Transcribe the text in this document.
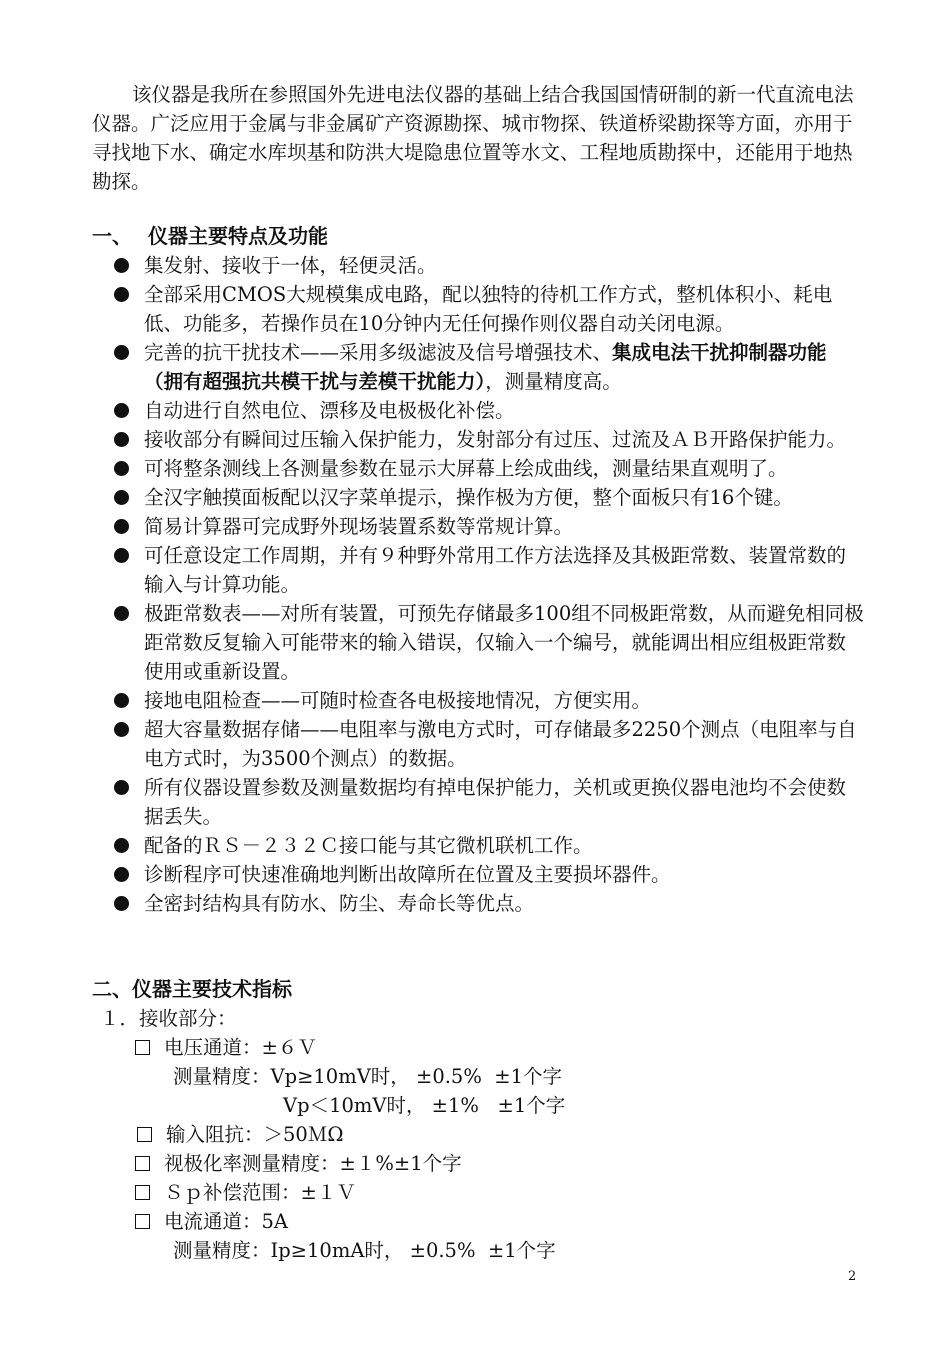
该仪器是我所在参照国外先进电法仪器的基础上结合我国国情研制的新一代直流电法仪器。广泛应用于金属与非金属矿产资源勘探、城市物探、铁道桥梁勘探等方面，亦用于寻找地下水、确定水库坝基和防洪大堤隐患位置等水文、工程地质勘探中，还能用于地热勘探。
一、 仪器主要特点及功能
集发射、接收于一体，轻便灵活。
全部采用CMOS大规模集成电路，配以独特的待机工作方式，整机体积小、耗电低、功能多，若操作员在10分钟内无任何操作则仪器自动关闭电源。
完善的抗干扰技术——采用多级滤波及信号增强技术、集成电法干扰抑制器功能（拥有超强抗共模干扰与差模干扰能力），测量精度高。
自动进行自然电位、漂移及电极极化补偿。
接收部分有瞬间过压输入保护能力，发射部分有过压、过流及ＡＢ开路保护能力。
可将整条测线上各测量参数在显示大屏幕上绘成曲线，测量结果直观明了。
全汉字触摸面板配以汉字菜单提示，操作极为方便，整个面板只有16个键。
简易计算器可完成野外现场装置系数等常规计算。
可任意设定工作周期，并有９种野外常用工作方法选择及其极距常数、装置常数的输入与计算功能。
极距常数表——对所有装置，可预先存储最多100组不同极距常数，从而避免相同极距常数反复输入可能带来的输入错误，仅输入一个编号，就能调出相应组极距常数使用或重新设置。
接地电阻检查——可随时检查各电极接地情况，方便实用。
超大容量数据存储——电阻率与激电方式时，可存储最多2250个测点（电阻率与自电方式时，为3500个测点）的数据。
所有仪器设置参数及测量数据均有掉电保护能力，关机或更换仪器电池均不会使数据丢失。
配备的ＲＳ－２３２Ｃ接口能与其它微机联机工作。
诊断程序可快速准确地判断出故障所在位置及主要损坏器件。
全密封结构具有防水、防尘、寿命长等优点。
二、仪器主要技术指标
１．接收部分：
电压通道：±６Ｖ
测量精度：Vp≥10mV时， ±0.5%  ±1个字
Vp＜10mV时， ±1%   ±1个字
输入阻抗：＞50ＭΩ
视极化率测量精度：±１%±1个字
Ｓｐ补偿范围：±１Ｖ
电流通道：5A
测量精度：Ip≥10mA时， ±0.5%  ±1个字
2
